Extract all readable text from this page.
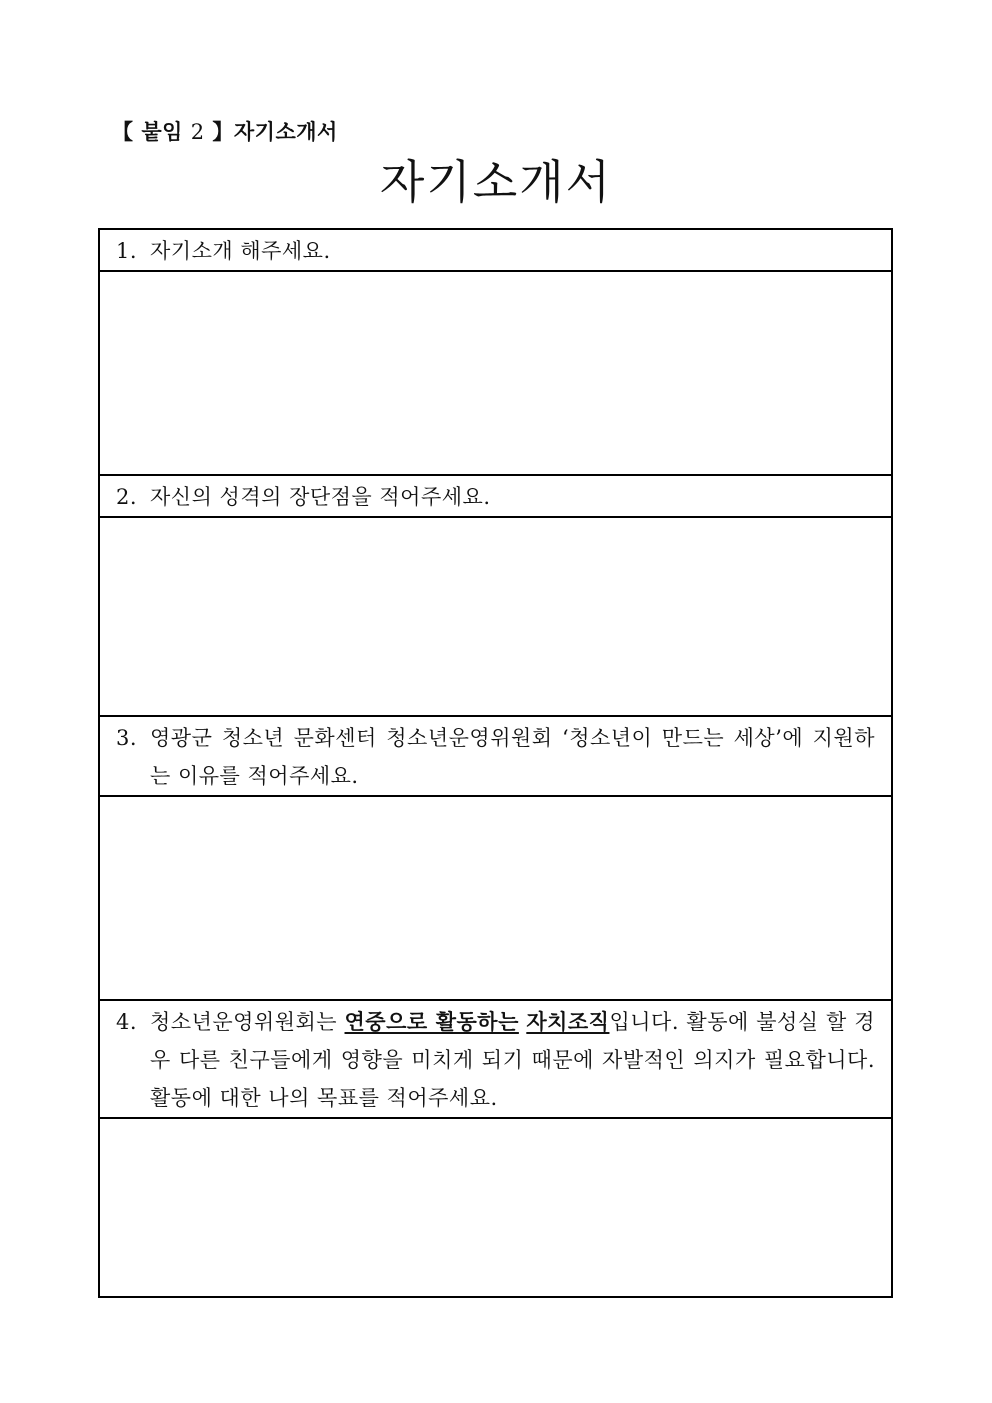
【 붙임 2 】자기소개서
자기소개서
1. 자기소개 해주세요.

2. 자신의 성격의 장단점을 적어주세요.

3. 영광군 청소년 문화센터 청소년운영위원회 ‘청소년이 만드는 세상’에 지원하는 이유를 적어주세요.

4. 청소년운영위원회는 연중으로 활동하는 자치조직입니다. 활동에 불성실 할 경우 다른 친구들에게 영향을 미치게 되기 때문에 자발적인 의지가 필요합니다. 활동에 대한 나의 목표를 적어주세요.
